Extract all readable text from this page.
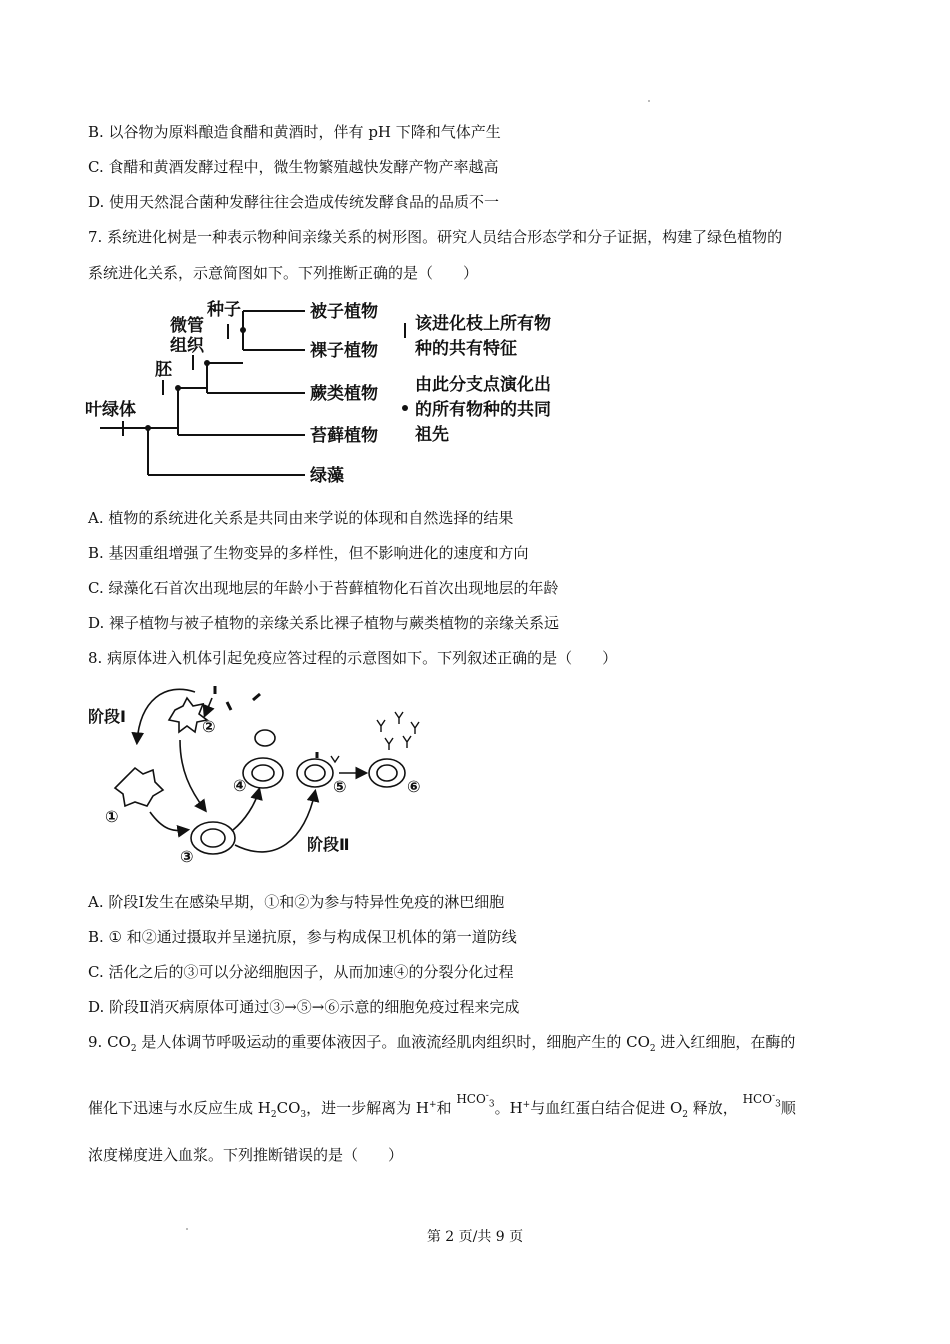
B. 以谷物为原料酿造食醋和黄酒时，伴有 pH 下降和气体产生
C. 食醋和黄酒发酵过程中，微生物繁殖越快发酵产物产率越高
D. 使用天然混合菌种发酵往往会造成传统发酵食品的品质不一
7. 系统进化树是一种表示物种间亲缘关系的树形图。研究人员结合形态学和分子证据，构建了绿色植物的
系统进化关系，示意简图如下。下列推断正确的是（　　）
种子
微管
组织
胚
叶绿体
被子植物
裸子植物
蕨类植物
苔藓植物
绿藻
该进化枝上所有物
种的共有特征
由此分支点演化出
的所有物种的共同
祖先
A. 植物的系统进化关系是共同由来学说的体现和自然选择的结果
B. 基因重组增强了生物变异的多样性，但不影响进化的速度和方向
C. 绿藻化石首次出现地层的年龄小于苔藓植物化石首次出现地层的年龄
D. 裸子植物与被子植物的亲缘关系比裸子植物与蕨类植物的亲缘关系远
8. 病原体进入机体引起免疫应答过程的示意图如下。下列叙述正确的是（　　）
阶段Ⅰ
阶段Ⅱ
①
②
③
④	⑤	⑥
A. 阶段Ⅰ发生在感染早期，①和②为参与特异性免疫的淋巴细胞
B. ① 和②通过摄取并呈递抗原，参与构成保卫机体的第一道防线
C. 活化之后的③可以分泌细胞因子，从而加速④的分裂分化过程
D. 阶段Ⅱ消灭病原体可通过③→⑤→⑥示意的细胞免疫过程来完成
9. $CO_2$ 是人体调节呼吸运动的重要体液因子。血液流经肌肉组织时，细胞产生的 $CO_2$ 进入红细胞，在酶的
催化下迅速与水反应生成 $H_2CO_3$，进一步解离为 H+和 $^{HCO^-_3}$。H+与血红蛋白结合促进 $O_2$ 释放， $^{HCO^-_3}$顺
浓度梯度进入血浆。下列推断错误的是（　　）
第 2 页/共 9 页
